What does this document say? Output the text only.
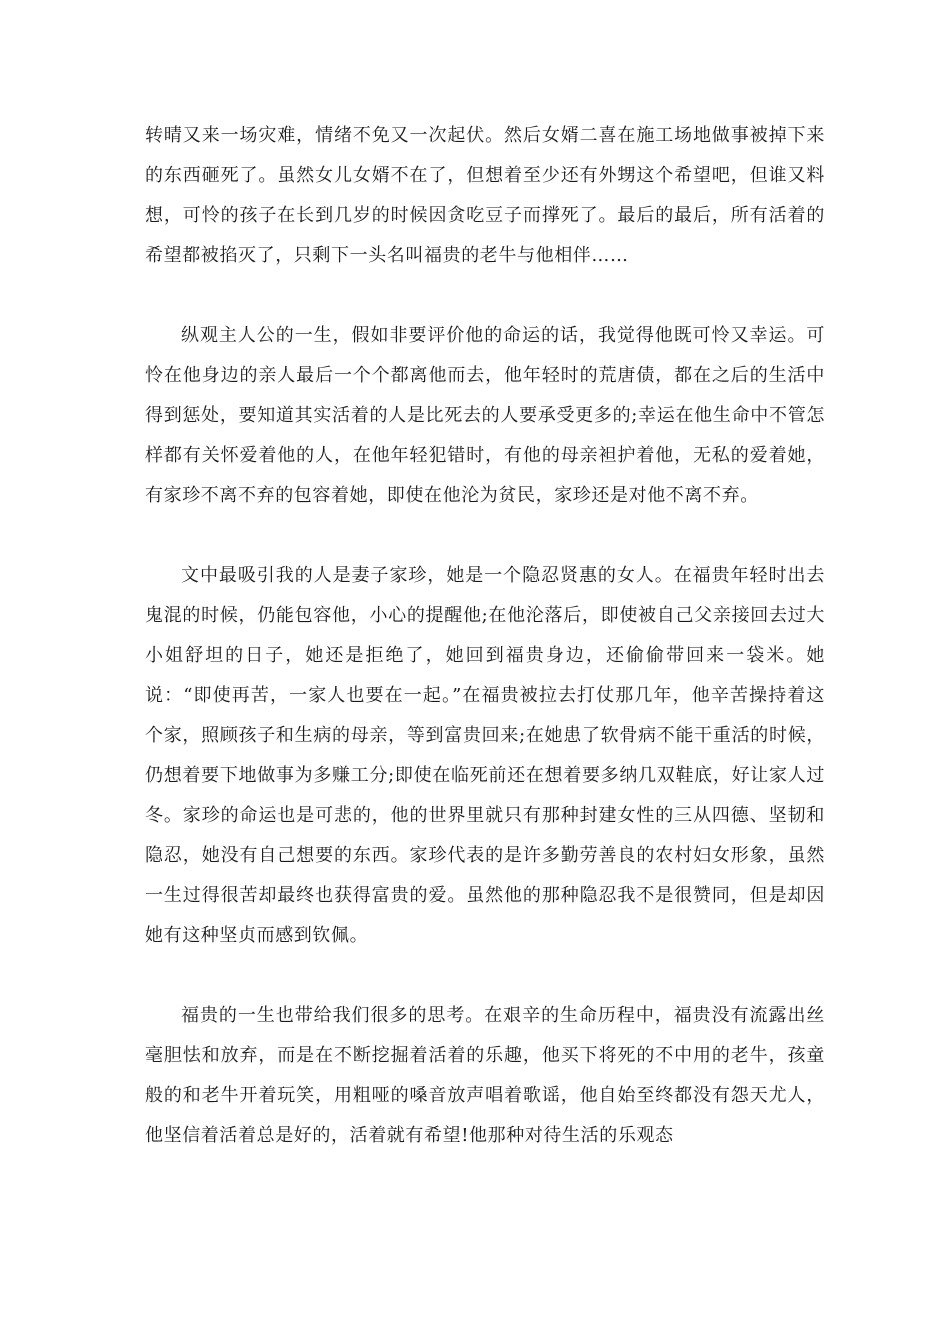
转晴又来一场灾难，情绪不免又一次起伏。然后女婿二喜在施工场地做事被掉下来的东西砸死了。虽然女儿女婿不在了，但想着至少还有外甥这个希望吧，但谁又料想，可怜的孩子在长到几岁的时候因贪吃豆子而撑死了。最后的最后，所有活着的希望都被掐灭了，只剩下一头名叫福贵的老牛与他相伴……

纵观主人公的一生，假如非要评价他的命运的话，我觉得他既可怜又幸运。可怜在他身边的亲人最后一个个都离他而去，他年轻时的荒唐债，都在之后的生活中得到惩处，要知道其实活着的人是比死去的人要承受更多的;幸运在他生命中不管怎样都有关怀爱着他的人，在他年轻犯错时，有他的母亲袒护着他，无私的爱着她，有家珍不离不弃的包容着她，即使在他沦为贫民，家珍还是对他不离不弃。

文中最吸引我的人是妻子家珍，她是一个隐忍贤惠的女人。在福贵年轻时出去鬼混的时候，仍能包容他，小心的提醒他;在他沦落后，即使被自己父亲接回去过大小姐舒坦的日子，她还是拒绝了，她回到福贵身边，还偷偷带回来一袋米。她说：“即使再苦，一家人也要在一起。”在福贵被拉去打仗那几年，他辛苦操持着这个家，照顾孩子和生病的母亲，等到富贵回来;在她患了软骨病不能干重活的时候，仍想着要下地做事为多赚工分;即使在临死前还在想着要多纳几双鞋底，好让家人过冬。家珍的命运也是可悲的，他的世界里就只有那种封建女性的三从四德、坚韧和隐忍，她没有自己想要的东西。家珍代表的是许多勤劳善良的农村妇女形象，虽然一生过得很苦却最终也获得富贵的爱。虽然他的那种隐忍我不是很赞同，但是却因她有这种坚贞而感到钦佩。

福贵的一生也带给我们很多的思考。在艰辛的生命历程中，福贵没有流露出丝毫胆怯和放弃，而是在不断挖掘着活着的乐趣，他买下将死的不中用的老牛，孩童般的和老牛开着玩笑，用粗哑的嗓音放声唱着歌谣，他自始至终都没有怨天尤人，他坚信着活着总是好的，活着就有希望!他那种对待生活的乐观态
